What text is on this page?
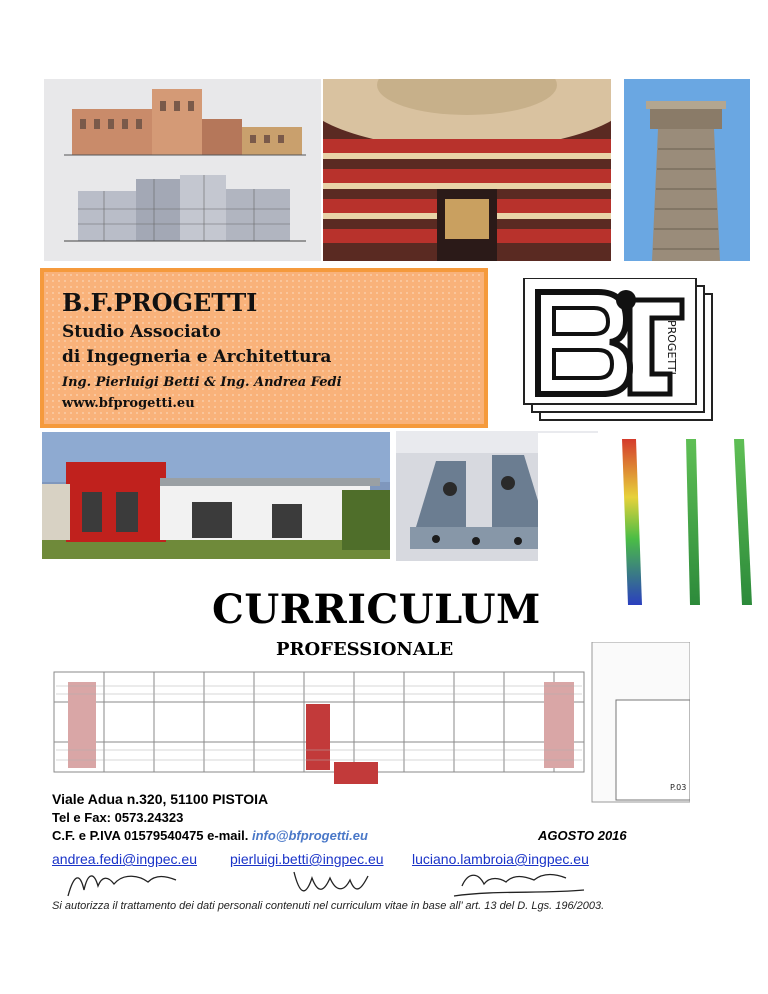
B.F.PROGETTI
Studio Associato
di Ingegneria e Architettura
Ing. Pierluigi Betti & Ing. Andrea Fedi
www.bfprogetti.eu
PROGETTI
CURRICULUM
P.03
PROFESSIONALE
Viale Adua n.320, 51100 PISTOIA
Tel e Fax: 0573.24323
C.F. e P.IVA 01579540475 e-mail. info@bfprogetti.eu	AGOSTO 2016
andrea.fedi@ingpec.eu pierluigi.betti@ingpec.eu luciano.lambroia@ingpec.eu
Si autorizza il trattamento dei dati personali contenuti nel curriculum vitae in base all’ art. 13 del D. Lgs. 196/2003.
